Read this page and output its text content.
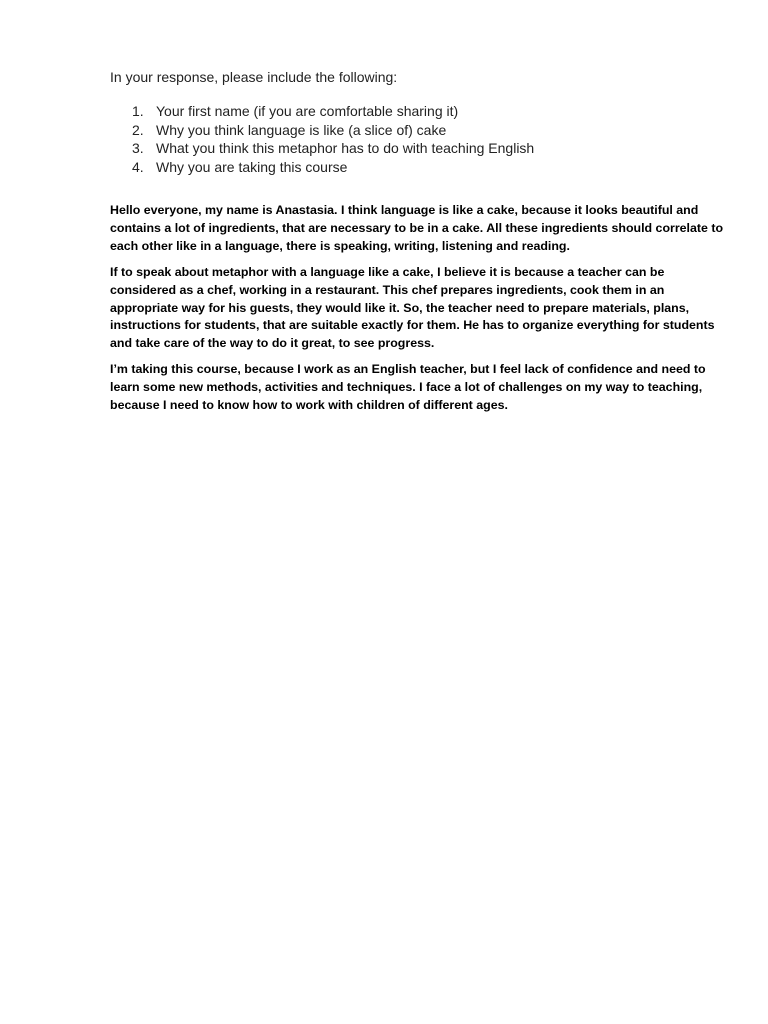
In your response, please include the following:

1. Your first name (if you are comfortable sharing it)
2. Why you think language is like (a slice of) cake
3. What you think this metaphor has to do with teaching English
4. Why you are taking this course

Hello everyone, my name is Anastasia. I think language is like a cake, because it looks beautiful and
contains a lot of ingredients, that are necessary to be in a cake. All these ingredients should correlate to
each other like in a language, there is speaking, writing, listening and reading.

If to speak about metaphor with a language like a cake, I believe it is because a teacher can be
considered as a chef, working in a restaurant. This chef prepares ingredients, cook them in an
appropriate way for his guests, they would like it. So, the teacher need to prepare materials, plans,
instructions for students, that are suitable exactly for them. He has to organize everything for students
and take care of the way to do it great, to see progress.

I’m taking this course, because I work as an English teacher, but I feel lack of confidence and need to
learn some new methods, activities and techniques. I face a lot of challenges on my way to teaching,
because I need to know how to work with children of different ages.
